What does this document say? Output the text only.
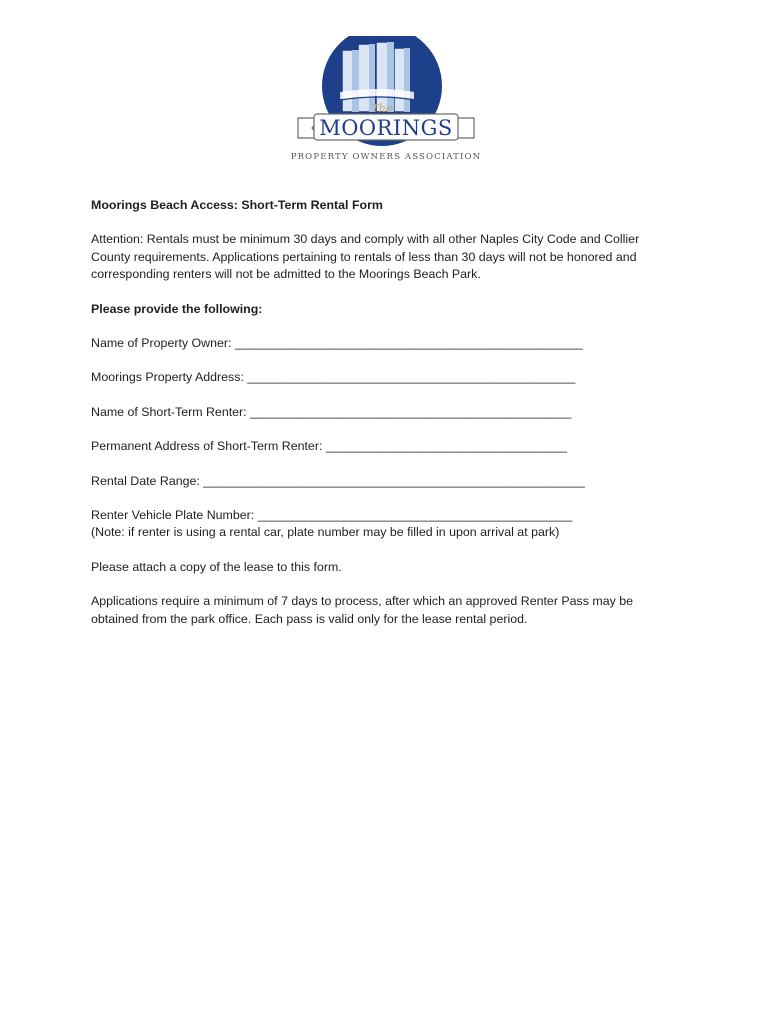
The
MOORINGS
PROPERTY OWNERS ASSOCIATION
Moorings Beach Access: Short-Term Rental Form
Attention: Rentals must be minimum 30 days and comply with all other Naples City Code and Collier County requirements. Applications pertaining to rentals of less than 30 days will not be honored and corresponding renters will not be admitted to the Moorings Beach Park.
Please provide the following:
Name of Property Owner: ____________________________________________________
Moorings Property Address: _________________________________________________
Name of Short-Term Renter: ________________________________________________
Permanent Address of Short-Term Renter: ____________________________________
Rental Date Range: _________________________________________________________
Renter Vehicle Plate Number: _______________________________________________
(Note: if renter is using a rental car, plate number may be filled in upon arrival at park)
Please attach a copy of the lease to this form.
Applications require a minimum of 7 days to process, after which an approved Renter Pass may be obtained from the park office. Each pass is valid only for the lease rental period.
